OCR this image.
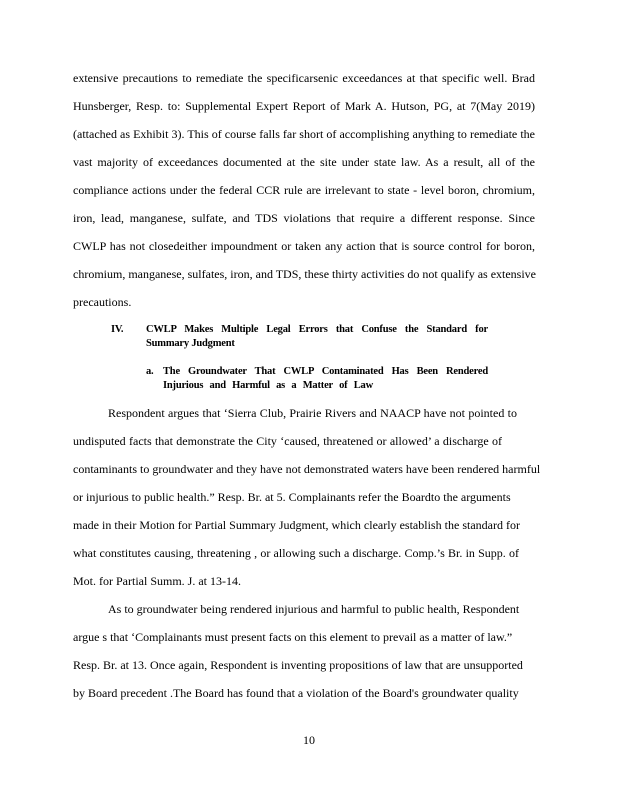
extensive precautions to remediate the specificarsenic exceedances at that specific well. Brad
Hunsberger, Resp. to: Supplemental Expert Report of Mark A. Hutson, PG, at 7(May 2019)
(attached as Exhibit 3). This of course falls far short of accomplishing anything to remediate the
vast majority of exceedances documented at the site under state law. As a result, all of the
compliance actions under the federal CCR rule are irrelevant to state - level boron, chromium,
iron, lead, manganese, sulfate, and TDS violations that require a different response. Since
CWLP has not closedeither impoundment or taken any action that is source control for boron,
chromium, manganese, sulfates, iron, and TDS, these thirty activities do not qualify as extensive
precautions.
IV. CWLP Makes Multiple Legal Errors that Confuse the Standard for
Summary Judgment
a. The Groundwater That CWLP Contaminated Has Been Rendered
Injurious and Harmful as a Matter of Law
Respondent argues that ‘Sierra Club, Prairie Rivers and NAACP have not pointed to
undisputed facts that demonstrate the City ‘caused, threatened or allowed’ a discharge of
contaminants to groundwater and they have not demonstrated waters have been rendered harmful
or injurious to public health.” Resp. Br. at 5. Complainants refer the Boardto the arguments
made in their Motion for Partial Summary Judgment, which clearly establish the standard for
what constitutes causing, threatening , or allowing such a discharge. Comp.’s Br. in Supp. of
Mot. for Partial Summ. J. at 13-14.
As to groundwater being rendered injurious and harmful to public health, Respondent
argue s that ‘Complainants must present facts on this element to prevail as a matter of law.”
Resp. Br. at 13. Once again, Respondent is inventing propositions of law that are unsupported
by Board precedent .The Board has found that a violation of the Board's groundwater quality
10
